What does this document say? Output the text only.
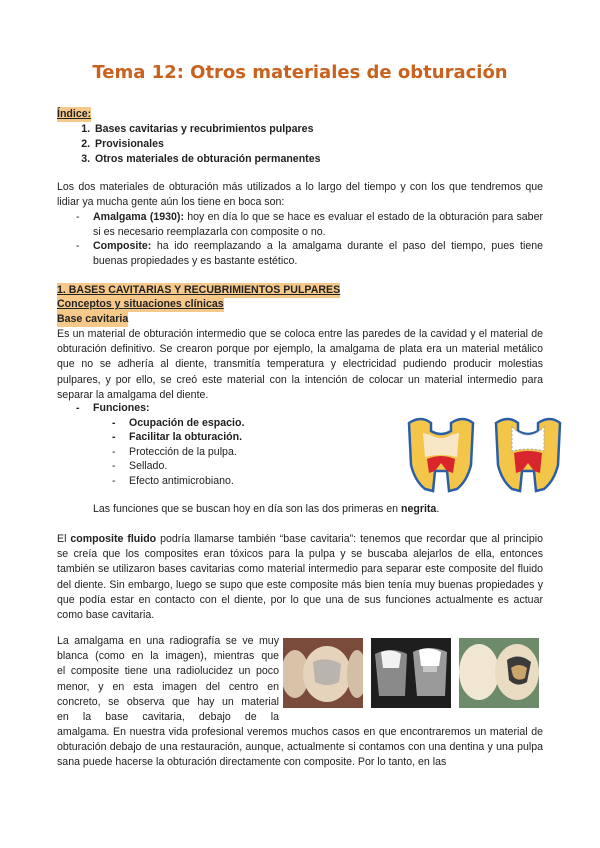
Tema 12: Otros materiales de obturación
Índice:
1. Bases cavitarias y recubrimientos pulpares
2. Provisionales
3. Otros materiales de obturación permanentes
Los dos materiales de obturación más utilizados a lo largo del tiempo y con los que tendremos que lidiar ya mucha gente aún los tiene en boca son:
- Amalgama (1930): hoy en día lo que se hace es evaluar el estado de la obturación para saber si es necesario reemplazarla con composite o no.
- Composite: ha ido reemplazando a la amalgama durante el paso del tiempo, pues tiene buenas propiedades y es bastante estético.
1. BASES CAVITARIAS Y RECUBRIMIENTOS PULPARES
Conceptos y situaciones clínicas
Base cavitaria
Es un material de obturación intermedio que se coloca entre las paredes de la cavidad y el material de obturación definitivo. Se crearon porque por ejemplo, la amalgama de plata era un material metálico que no se adhería al diente, transmitía temperatura y electricidad pudiendo producir molestias pulpares, y por ello, se creó este material con la intención de colocar un material intermedio para separar la amalgama del diente.
- Funciones:
- Ocupación de espacio.
- Facilitar la obturación.
- Protección de la pulpa.
- Sellado.
- Efecto antimicrobiano.
Las funciones que se buscan hoy en día son las dos primeras en negrita.
El composite fluido podría llamarse también “base cavitaria”: tenemos que recordar que al principio se creía que los composites eran tóxicos para la pulpa y se buscaba alejarlos de ella, entonces también se utilizaron bases cavitarias como material intermedio para separar este composite del fluido del diente. Sin embargo, luego se supo que este composite más bien tenía muy buenas propiedades y que podía estar en contacto con el diente, por lo que una de sus funciones actualmente es actuar como base cavitaria.
La amalgama en una radiografía se ve muy
blanca (como en la imagen), mientras que
el composite tiene una radiolucidez un poco
menor, y en esta imagen del centro en
concreto, se observa que hay un material
en la base cavitaria, debajo de la
amalgama. En nuestra vida profesional veremos muchos casos en que encontraremos un material de obturación debajo de una restauración, aunque, actualmente si contamos con una dentina y una pulpa sana puede hacerse la obturación directamente con composite. Por lo tanto, en las
